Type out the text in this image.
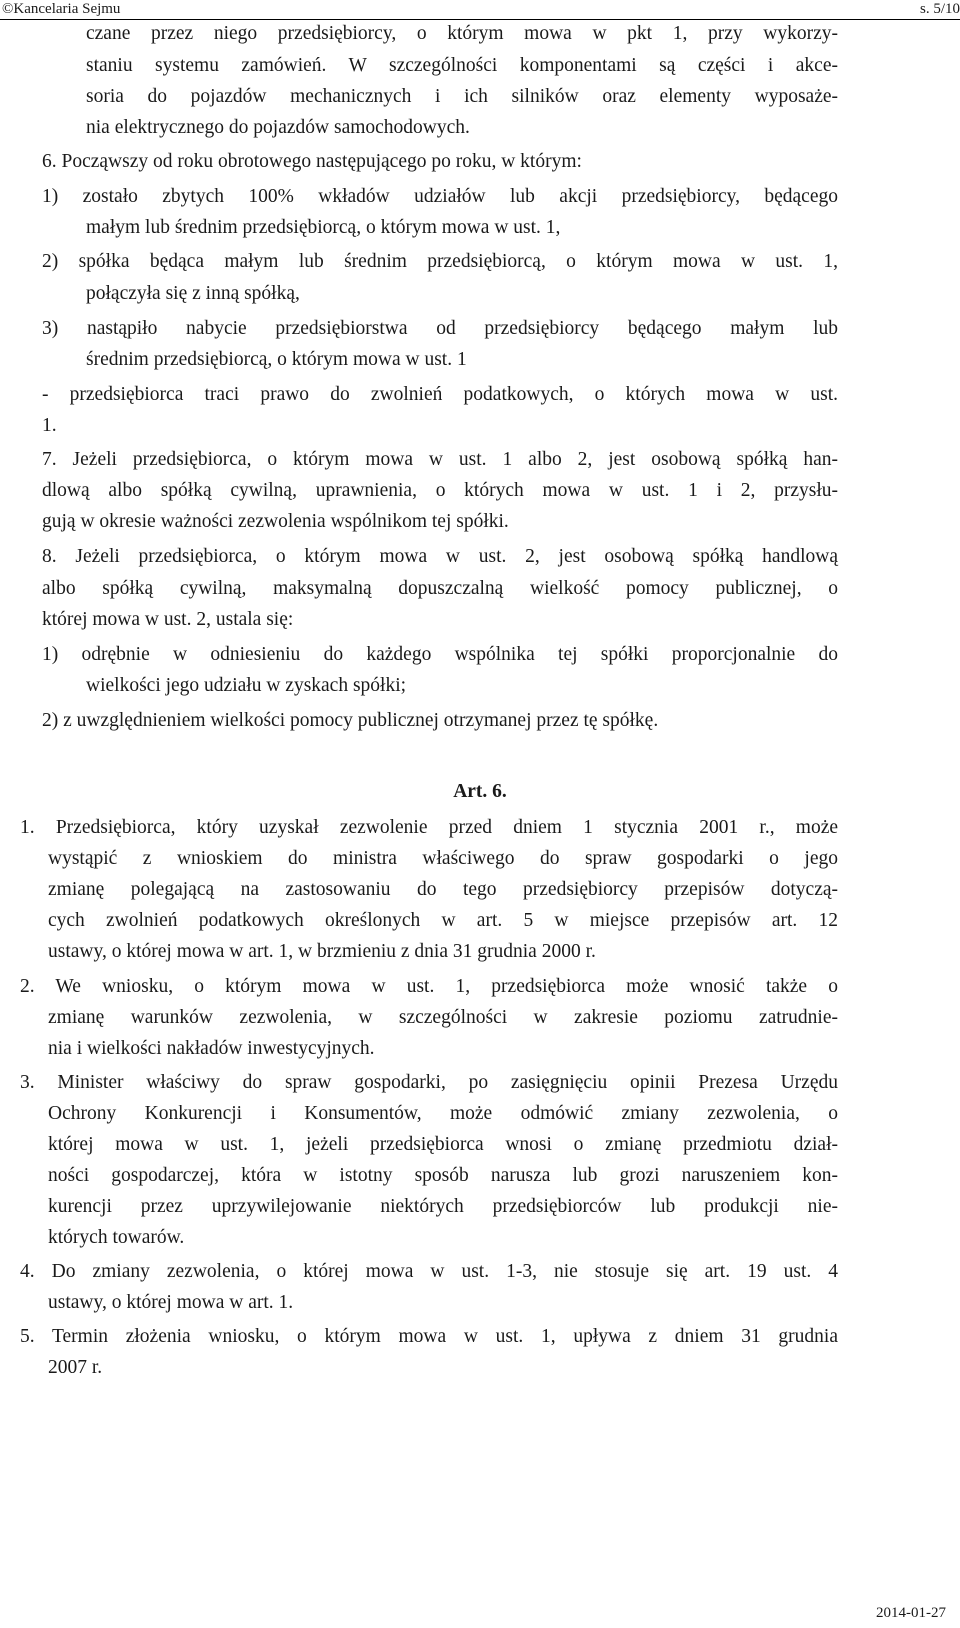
©Kancelaria Sejmu	s. 5/10
czane przez niego przedsiębiorcy, o którym mowa w pkt 1, przy wykorzy-
staniu systemu zamówień. W szczególności komponentami są części i akce-
soria do pojazdów mechanicznych i ich silników oraz elementy wyposaże-
nia elektrycznego do pojazdów samochodowych.
6. Począwszy od roku obrotowego następującego po roku, w którym:
1) zostało zbytych 100% wkładów udziałów lub akcji przedsiębiorcy, będącego
małym lub średnim przedsiębiorcą, o którym mowa w ust. 1,
2) spółka będąca małym lub średnim przedsiębiorcą, o którym mowa w ust. 1,
połączyła się z inną spółką,
3) nastąpiło nabycie przedsiębiorstwa od przedsiębiorcy będącego małym lub
średnim przedsiębiorcą, o którym mowa w ust. 1
- przedsiębiorca traci prawo do zwolnień podatkowych, o których mowa w ust.
1.
7. Jeżeli przedsiębiorca, o którym mowa w ust. 1 albo 2, jest osobową spółką han-
dlową albo spółką cywilną, uprawnienia, o których mowa w ust. 1 i 2, przysłu-
gują w okresie ważności zezwolenia wspólnikom tej spółki.
8. Jeżeli przedsiębiorca, o którym mowa w ust. 2, jest osobową spółką handlową
albo spółką cywilną, maksymalną dopuszczalną wielkość pomocy publicznej, o
której mowa w ust. 2, ustala się:
1) odrębnie w odniesieniu do każdego wspólnika tej spółki proporcjonalnie do
wielkości jego udziału w zyskach spółki;
2) z uwzględnieniem wielkości pomocy publicznej otrzymanej przez tę spółkę.
Art. 6.
1. Przedsiębiorca, który uzyskał zezwolenie przed dniem 1 stycznia 2001 r., może
wystąpić z wnioskiem do ministra właściwego do spraw gospodarki o jego
zmianę polegającą na zastosowaniu do tego przedsiębiorcy przepisów dotyczą-
cych zwolnień podatkowych określonych w art. 5 w miejsce przepisów art. 12
ustawy, o której mowa w art. 1, w brzmieniu z dnia 31 grudnia 2000 r.
2. We wniosku, o którym mowa w ust. 1, przedsiębiorca może wnosić także o
zmianę warunków zezwolenia, w szczególności w zakresie poziomu zatrudnie-
nia i wielkości nakładów inwestycyjnych.
3. Minister właściwy do spraw gospodarki, po zasięgnięciu opinii Prezesa Urzędu
Ochrony Konkurencji i Konsumentów, może odmówić zmiany zezwolenia, o
której mowa w ust. 1, jeżeli przedsiębiorca wnosi o zmianę przedmiotu dział-
ności gospodarczej, która w istotny sposób narusza lub grozi naruszeniem kon-
kurencji przez uprzywilejowanie niektórych przedsiębiorców lub produkcji nie-
których towarów.
4. Do zmiany zezwolenia, o której mowa w ust. 1-3, nie stosuje się art. 19 ust. 4
ustawy, o której mowa w art. 1.
5. Termin złożenia wniosku, o którym mowa w ust. 1, upływa z dniem 31 grudnia
2007 r.
2014-01-27
